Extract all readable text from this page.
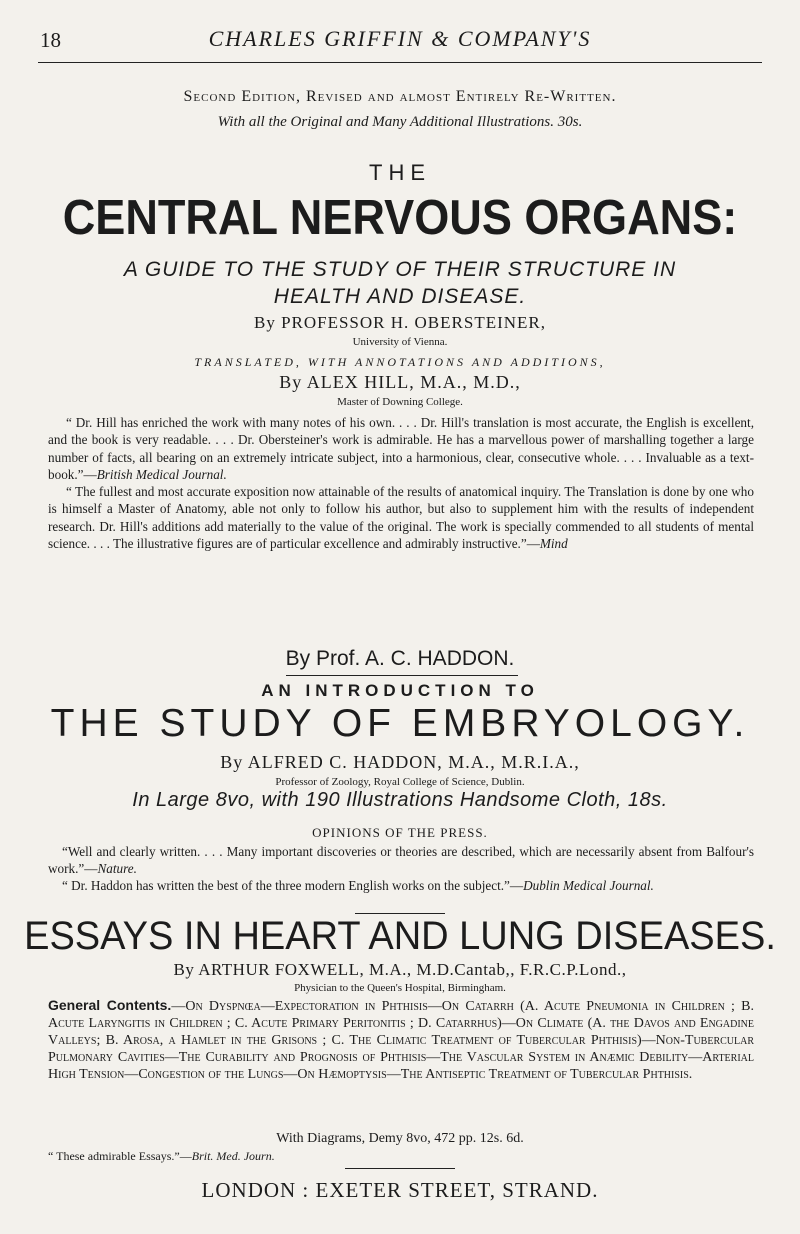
18	CHARLES GRIFFIN & COMPANY'S
Second Edition, Revised and almost Entirely Re-Written.
With all the Original and Many Additional Illustrations. 30s.
THE
CENTRAL NERVOUS ORGANS:
A GUIDE TO THE STUDY OF THEIR STRUCTURE IN
HEALTH AND DISEASE.
By PROFESSOR H. OBERSTEINER,
University of Vienna.
TRANSLATED, WITH ANNOTATIONS AND ADDITIONS,
By ALEX HILL, M.A., M.D.,
Master of Downing College.

“ Dr. Hill has enriched the work with many notes of his own. . . . Dr. Hill's translation is most accurate, the English is excellent, and the book is very readable. . . . Dr. Obersteiner's work is admirable. He has a marvellous power of marshalling together a large number of facts, all bearing on an extremely intricate subject, into a harmonious, clear, consecutive whole. . . . Invaluable as a text-book.”—British Medical Journal.

“ The fullest and most accurate exposition now attainable of the results of anatomical inquiry. The Translation is done by one who is himself a Master of Anatomy, able not only to follow his author, but also to supplement him with the results of independent research. Dr. Hill's additions add materially to the value of the original. The work is specially commended to all students of mental science. . . . The illustrative figures are of particular excellence and admirably instructive.”—Mind

By Prof. A. C. HADDON.
AN INTRODUCTION TO
THE STUDY OF EMBRYOLOGY.
By ALFRED C. HADDON, M.A., M.R.I.A.,
Professor of Zoology, Royal College of Science, Dublin.
In Large 8vo, with 190 Illustrations Handsome Cloth, 18s.
OPINIONS OF THE PRESS.

“Well and clearly written. . . . Many important discoveries or theories are described, which are necessarily absent from Balfour's work.”—Nature.

“ Dr. Haddon has written the best of the three modern English works on the subject.”—Dublin Medical Journal.

ESSAYS IN HEART AND LUNG DISEASES.
By ARTHUR FOXWELL, M.A., M.D.Cantab,, F.R.C.P.Lond.,
Physician to the Queen's Hospital, Birmingham.

General Contents.—On Dyspnœa—Expectoration in Phthisis—On Catarrh (A. Acute Pneumonia in Children ; B. Acute Laryngitis in Children ; C. Acute Primary Peritonitis ; D. Catarrhus)—On Climate (A. the Davos and Engadine Valleys; B. Arosa, a Hamlet in the Grisons ; C. The Climatic Treatment of Tubercular Phthisis)—Non-Tubercular Pulmonary Cavities—The Curability and Prognosis of Phthisis—The Vascular System in Anæmic Debility—Arterial High Tension—Congestion of the Lungs—On Hæmoptysis—The Antiseptic Treatment of Tubercular Phthisis.

With Diagrams, Demy 8vo, 472 pp. 12s. 6d.
“ These admirable Essays.”—Brit. Med. Journ.
LONDON : EXETER STREET, STRAND.
